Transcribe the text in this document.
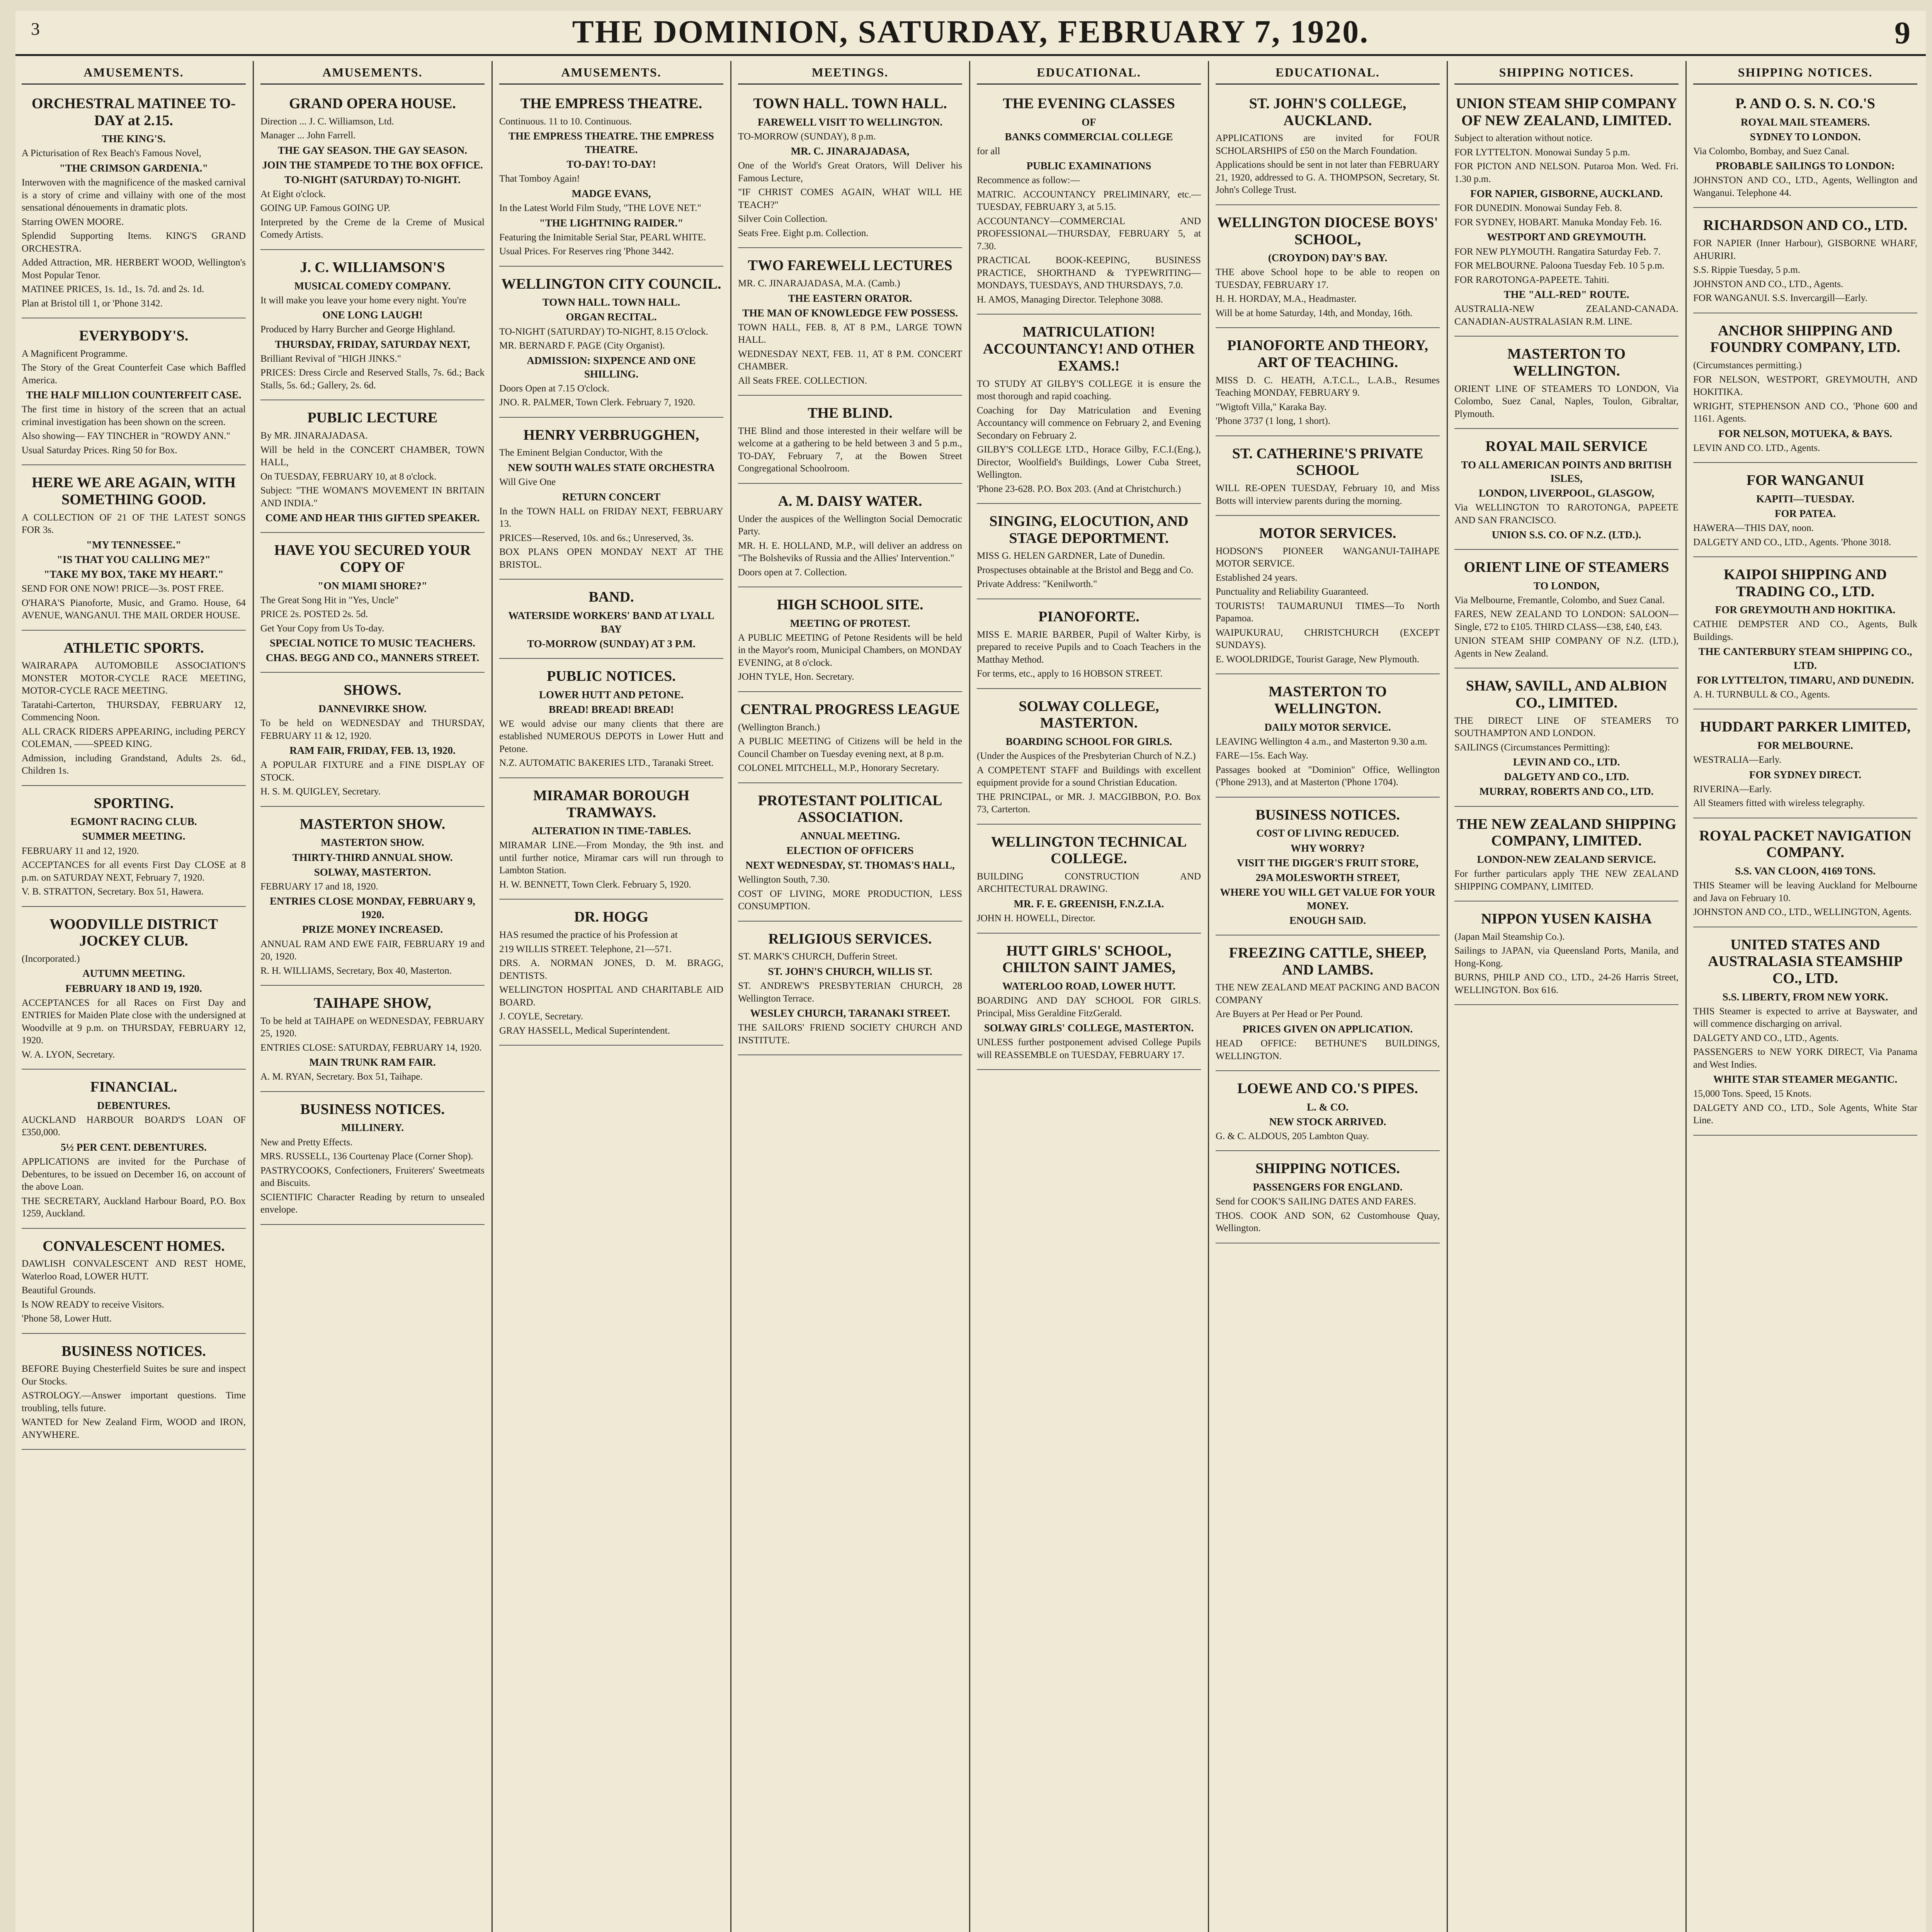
3	THE DOMINION, SATURDAY, FEBRUARY 7, 1920.	9
AMUSEMENTS.
ORCHESTRAL MATINEE TO-DAY at 2.15.
THE KING'S.
A Picturisation of Rex Beach's Famous Novel,
"THE CRIMSON GARDENIA."
Interwoven with the magnificence of the masked carnival is a story of crime and villainy with one of the most sensational dénouements in dramatic plots.
Starring OWEN MOORE.
Splendid Supporting Items. KING'S GRAND ORCHESTRA.
Added Attraction, MR. HERBERT WOOD, Wellington's Most Popular Tenor.
MATINEE PRICES, 1s. 1d., 1s. 7d. and 2s. 1d.
Plan at Bristol till 1, or 'Phone 3142.
EVERYBODY'S.
A Magnificent Programme.
The Story of the Great Counterfeit Case which Baffled America.
THE HALF MILLION COUNTERFEIT CASE.
The first time in history of the screen that an actual criminal investigation has been shown on the screen.
Also showing— FAY TINCHER in "ROWDY ANN."
Usual Saturday Prices. Ring 50 for Box.
HERE WE ARE AGAIN, WITH SOMETHING GOOD.
A COLLECTION OF 21 OF THE LATEST SONGS FOR 3s.
"MY TENNESSEE."
"IS THAT YOU CALLING ME?"
"TAKE MY BOX, TAKE MY HEART."
SEND FOR ONE NOW! PRICE—3s. POST FREE.
O'HARA'S Pianoforte, Music, and Gramo. House, 64 AVENUE, WANGANUI. THE MAIL ORDER HOUSE.
ATHLETIC SPORTS.
WAIRARAPA AUTOMOBILE ASSOCIATION'S MONSTER MOTOR-CYCLE RACE MEETING, MOTOR-CYCLE RACE MEETING.
Taratahi-Carterton, THURSDAY, FEBRUARY 12, Commencing Noon.
ALL CRACK RIDERS APPEARING, including PERCY COLEMAN, ——SPEED KING.
Admission, including Grandstand, Adults 2s. 6d., Children 1s.
SPORTING.
EGMONT RACING CLUB.
SUMMER MEETING.
FEBRUARY 11 and 12, 1920.
ACCEPTANCES for all events First Day CLOSE at 8 p.m. on SATURDAY NEXT, February 7, 1920.
V. B. STRATTON, Secretary. Box 51, Hawera.
WOODVILLE DISTRICT JOCKEY CLUB.
(Incorporated.)
AUTUMN MEETING.
FEBRUARY 18 AND 19, 1920.
ACCEPTANCES for all Races on First Day and ENTRIES for Maiden Plate close with the undersigned at Woodville at 9 p.m. on THURSDAY, FEBRUARY 12, 1920.
W. A. LYON, Secretary.
FINANCIAL.
DEBENTURES.
AUCKLAND HARBOUR BOARD'S LOAN OF £350,000.
5½ PER CENT. DEBENTURES.
APPLICATIONS are invited for the Purchase of Debentures, to be issued on December 16, on account of the above Loan.
THE SECRETARY, Auckland Harbour Board, P.O. Box 1259, Auckland.
CONVALESCENT HOMES.
DAWLISH CONVALESCENT AND REST HOME, Waterloo Road, LOWER HUTT.
Beautiful Grounds.
Is NOW READY to receive Visitors.
'Phone 58, Lower Hutt.
BUSINESS NOTICES.
BEFORE Buying Chesterfield Suites be sure and inspect Our Stocks.
ASTROLOGY.—Answer important questions. Time troubling, tells future.
WANTED for New Zealand Firm, WOOD and IRON, ANYWHERE.
AMUSEMENTS.
GRAND OPERA HOUSE.
Direction ... J. C. Williamson, Ltd.
Manager ... John Farrell.
THE GAY SEASON. THE GAY SEASON.
JOIN THE STAMPEDE TO THE BOX OFFICE.
TO-NIGHT (SATURDAY) TO-NIGHT.
At Eight o'clock.
GOING UP. Famous GOING UP.
Interpreted by the Creme de la Creme of Musical Comedy Artists.
J. C. WILLIAMSON'S
MUSICAL COMEDY COMPANY.
It will make you leave your home every night. You're
ONE LONG LAUGH!
Produced by Harry Burcher and George Highland.
THURSDAY, FRIDAY, SATURDAY NEXT,
Brilliant Revival of "HIGH JINKS."
PRICES: Dress Circle and Reserved Stalls, 7s. 6d.; Back Stalls, 5s. 6d.; Gallery, 2s. 6d.
PUBLIC LECTURE
By MR. JINARAJADASA.
Will be held in the CONCERT CHAMBER, TOWN HALL,
On TUESDAY, FEBRUARY 10, at 8 o'clock.
Subject: "THE WOMAN'S MOVEMENT IN BRITAIN AND INDIA."
COME AND HEAR THIS GIFTED SPEAKER.
HAVE YOU SECURED YOUR COPY OF
"ON MIAMI SHORE?"
The Great Song Hit in "Yes, Uncle"
PRICE 2s. POSTED 2s. 5d.
Get Your Copy from Us To-day.
SPECIAL NOTICE TO MUSIC TEACHERS.
CHAS. BEGG AND CO., MANNERS STREET.
SHOWS.
DANNEVIRKE SHOW.
To be held on WEDNESDAY and THURSDAY, FEBRUARY 11 & 12, 1920.
RAM FAIR, FRIDAY, FEB. 13, 1920.
A POPULAR FIXTURE and a FINE DISPLAY OF STOCK.
H. S. M. QUIGLEY, Secretary.
MASTERTON SHOW.
MASTERTON SHOW.
THIRTY-THIRD ANNUAL SHOW.
SOLWAY, MASTERTON.
FEBRUARY 17 and 18, 1920.
ENTRIES CLOSE MONDAY, FEBRUARY 9, 1920.
PRIZE MONEY INCREASED.
ANNUAL RAM AND EWE FAIR, FEBRUARY 19 and 20, 1920.
R. H. WILLIAMS, Secretary, Box 40, Masterton.
TAIHAPE SHOW,
To be held at TAIHAPE on WEDNESDAY, FEBRUARY 25, 1920.
ENTRIES CLOSE: SATURDAY, FEBRUARY 14, 1920.
MAIN TRUNK RAM FAIR.
A. M. RYAN, Secretary. Box 51, Taihape.
BUSINESS NOTICES.
MILLINERY.
New and Pretty Effects.
MRS. RUSSELL, 136 Courtenay Place (Corner Shop).
PASTRYCOOKS, Confectioners, Fruiterers' Sweetmeats and Biscuits.
SCIENTIFIC Character Reading by return to unsealed envelope.
AMUSEMENTS.
THE EMPRESS THEATRE.
Continuous. 11 to 10. Continuous.
THE EMPRESS THEATRE. THE EMPRESS THEATRE.
TO-DAY! TO-DAY!
That Tomboy Again!
MADGE EVANS,
In the Latest World Film Study, "THE LOVE NET."
"THE LIGHTNING RAIDER."
Featuring the Inimitable Serial Star, PEARL WHITE.
Usual Prices. For Reserves ring 'Phone 3442.
WELLINGTON CITY COUNCIL.
TOWN HALL. TOWN HALL.
ORGAN RECITAL.
TO-NIGHT (SATURDAY) TO-NIGHT, 8.15 O'clock.
MR. BERNARD F. PAGE (City Organist).
ADMISSION: SIXPENCE AND ONE SHILLING.
Doors Open at 7.15 O'clock.
JNO. R. PALMER, Town Clerk. February 7, 1920.
HENRY VERBRUGGHEN,
The Eminent Belgian Conductor, With the
NEW SOUTH WALES STATE ORCHESTRA
Will Give One
RETURN CONCERT
In the TOWN HALL on FRIDAY NEXT, FEBRUARY 13.
PRICES—Reserved, 10s. and 6s.; Unreserved, 3s.
BOX PLANS OPEN MONDAY NEXT AT THE BRISTOL.
BAND.
WATERSIDE WORKERS' BAND AT LYALL BAY
TO-MORROW (SUNDAY) AT 3 P.M.
PUBLIC NOTICES.
LOWER HUTT AND PETONE.
BREAD! BREAD! BREAD!
WE would advise our many clients that there are established NUMEROUS DEPOTS in Lower Hutt and Petone.
N.Z. AUTOMATIC BAKERIES LTD., Taranaki Street.
MIRAMAR BOROUGH TRAMWAYS.
ALTERATION IN TIME-TABLES.
MIRAMAR LINE.—From Monday, the 9th inst. and until further notice, Miramar cars will run through to Lambton Station.
H. W. BENNETT, Town Clerk. February 5, 1920.
DR. HOGG
HAS resumed the practice of his Profession at
219 WILLIS STREET. Telephone, 21—571.
DRS. A. NORMAN JONES, D. M. BRAGG, DENTISTS.
WELLINGTON HOSPITAL AND CHARITABLE AID BOARD.
J. COYLE, Secretary.
GRAY HASSELL, Medical Superintendent.
MEETINGS.
TOWN HALL. TOWN HALL.
FAREWELL VISIT TO WELLINGTON.
TO-MORROW (SUNDAY), 8 p.m.
MR. C. JINARAJADASA,
One of the World's Great Orators, Will Deliver his Famous Lecture,
"IF CHRIST COMES AGAIN, WHAT WILL HE TEACH?"
Silver Coin Collection.
Seats Free. Eight p.m. Collection.
TWO FAREWELL LECTURES
MR. C. JINARAJADASA, M.A. (Camb.)
THE EASTERN ORATOR.
THE MAN OF KNOWLEDGE FEW POSSESS.
TOWN HALL, FEB. 8, AT 8 P.M., LARGE TOWN HALL.
WEDNESDAY NEXT, FEB. 11, AT 8 P.M. CONCERT CHAMBER.
All Seats FREE. COLLECTION.
THE BLIND.
THE Blind and those interested in their welfare will be welcome at a gathering to be held between 3 and 5 p.m., TO-DAY, February 7, at the Bowen Street Congregational Schoolroom.
A. M. DAISY WATER.
Under the auspices of the Wellington Social Democratic Party.
MR. H. E. HOLLAND, M.P., will deliver an address on "The Bolsheviks of Russia and the Allies' Intervention."
Doors open at 7. Collection.
HIGH SCHOOL SITE.
MEETING OF PROTEST.
A PUBLIC MEETING of Petone Residents will be held in the Mayor's room, Municipal Chambers, on MONDAY EVENING, at 8 o'clock.
JOHN TYLE, Hon. Secretary.
CENTRAL PROGRESS LEAGUE
(Wellington Branch.)
A PUBLIC MEETING of Citizens will be held in the Council Chamber on Tuesday evening next, at 8 p.m.
COLONEL MITCHELL, M.P., Honorary Secretary.
PROTESTANT POLITICAL ASSOCIATION.
ANNUAL MEETING.
ELECTION OF OFFICERS
NEXT WEDNESDAY, ST. THOMAS'S HALL,
Wellington South, 7.30.
COST OF LIVING, MORE PRODUCTION, LESS CONSUMPTION.
RELIGIOUS SERVICES.
ST. MARK'S CHURCH, Dufferin Street.
ST. JOHN'S CHURCH, WILLIS ST.
ST. ANDREW'S PRESBYTERIAN CHURCH, 28 Wellington Terrace.
WESLEY CHURCH, TARANAKI STREET.
THE SAILORS' FRIEND SOCIETY CHURCH AND INSTITUTE.
EDUCATIONAL.
THE EVENING CLASSES
OF
BANKS COMMERCIAL COLLEGE
for all
PUBLIC EXAMINATIONS
Recommence as follow:—
MATRIC. ACCOUNTANCY PRELIMINARY, etc.—TUESDAY, FEBRUARY 3, at 5.15.
ACCOUNTANCY—COMMERCIAL AND PROFESSIONAL—THURSDAY, FEBRUARY 5, at 7.30.
PRACTICAL BOOK-KEEPING, BUSINESS PRACTICE, SHORTHAND & TYPEWRITING—MONDAYS, TUESDAYS, AND THURSDAYS, 7.0.
H. AMOS, Managing Director. Telephone 3088.
MATRICULATION! ACCOUNTANCY! AND OTHER EXAMS.!
TO STUDY AT GILBY'S COLLEGE it is ensure the most thorough and rapid coaching.
Coaching for Day Matriculation and Evening Accountancy will commence on February 2, and Evening Secondary on February 2.
GILBY'S COLLEGE LTD., Horace Gilby, F.C.I.(Eng.), Director, Woolfield's Buildings, Lower Cuba Street, Wellington.
'Phone 23-628. P.O. Box 203. (And at Christchurch.)
SINGING, ELOCUTION, AND STAGE DEPORTMENT.
MISS G. HELEN GARDNER, Late of Dunedin.
Prospectuses obtainable at the Bristol and Begg and Co.
Private Address: "Kenilworth."
PIANOFORTE.
MISS E. MARIE BARBER, Pupil of Walter Kirby, is prepared to receive Pupils and to Coach Teachers in the Matthay Method.
For terms, etc., apply to 16 HOBSON STREET.
SOLWAY COLLEGE, MASTERTON.
BOARDING SCHOOL FOR GIRLS.
(Under the Auspices of the Presbyterian Church of N.Z.)
A COMPETENT STAFF and Buildings with excellent equipment provide for a sound Christian Education.
THE PRINCIPAL, or MR. J. MACGIBBON, P.O. Box 73, Carterton.
WELLINGTON TECHNICAL COLLEGE.
BUILDING CONSTRUCTION AND ARCHITECTURAL DRAWING.
MR. F. E. GREENISH, F.N.Z.I.A.
JOHN H. HOWELL, Director.
HUTT GIRLS' SCHOOL, CHILTON SAINT JAMES,
WATERLOO ROAD, LOWER HUTT.
BOARDING AND DAY SCHOOL FOR GIRLS. Principal, Miss Geraldine FitzGerald.
SOLWAY GIRLS' COLLEGE, MASTERTON.
UNLESS further postponement advised College Pupils will REASSEMBLE on TUESDAY, FEBRUARY 17.
EDUCATIONAL.
ST. JOHN'S COLLEGE, AUCKLAND.
APPLICATIONS are invited for FOUR SCHOLARSHIPS of £50 on the March Foundation.
Applications should be sent in not later than FEBRUARY 21, 1920, addressed to G. A. THOMPSON, Secretary, St. John's College Trust.
WELLINGTON DIOCESE BOYS' SCHOOL,
(CROYDON) DAY'S BAY.
THE above School hope to be able to reopen on TUESDAY, FEBRUARY 17.
H. H. HORDAY, M.A., Headmaster.
Will be at home Saturday, 14th, and Monday, 16th.
PIANOFORTE AND THEORY, ART OF TEACHING.
MISS D. C. HEATH, A.T.C.L., L.A.B., Resumes Teaching MONDAY, FEBRUARY 9.
"Wigtoft Villa," Karaka Bay.
'Phone 3737 (1 long, 1 short).
ST. CATHERINE'S PRIVATE SCHOOL
WILL RE-OPEN TUESDAY, February 10, and Miss Botts will interview parents during the morning.
MOTOR SERVICES.
HODSON'S PIONEER WANGANUI-TAIHAPE MOTOR SERVICE.
Established 24 years.
Punctuality and Reliability Guaranteed.
TOURISTS! TAUMARUNUI TIMES—To North Papamoa.
WAIPUKURAU, CHRISTCHURCH (EXCEPT SUNDAYS).
E. WOOLDRIDGE, Tourist Garage, New Plymouth.
MASTERTON TO WELLINGTON.
DAILY MOTOR SERVICE.
LEAVING Wellington 4 a.m., and Masterton 9.30 a.m.
FARE—15s. Each Way.
Passages booked at "Dominion" Office, Wellington ('Phone 2913), and at Masterton ('Phone 1704).
BUSINESS NOTICES.
COST OF LIVING REDUCED.
WHY WORRY?
VISIT THE DIGGER'S FRUIT STORE,
29A MOLESWORTH STREET,
WHERE YOU WILL GET VALUE FOR YOUR MONEY.
ENOUGH SAID.
FREEZING CATTLE, SHEEP, AND LAMBS.
THE NEW ZEALAND MEAT PACKING AND BACON COMPANY
Are Buyers at Per Head or Per Pound.
PRICES GIVEN ON APPLICATION.
HEAD OFFICE: BETHUNE'S BUILDINGS, WELLINGTON.
LOEWE AND CO.'S PIPES.
L. & CO.
NEW STOCK ARRIVED.
G. & C. ALDOUS, 205 Lambton Quay.
SHIPPING NOTICES.
PASSENGERS FOR ENGLAND.
Send for COOK'S SAILING DATES AND FARES.
THOS. COOK AND SON, 62 Customhouse Quay, Wellington.
SHIPPING NOTICES.
UNION STEAM SHIP COMPANY OF NEW ZEALAND, LIMITED.
Subject to alteration without notice.
FOR LYTTELTON. Monowai Sunday 5 p.m.
FOR PICTON AND NELSON. Putaroa Mon. Wed. Fri. 1.30 p.m.
FOR NAPIER, GISBORNE, AUCKLAND.
FOR DUNEDIN. Monowai Sunday Feb. 8.
FOR SYDNEY, HOBART. Manuka Monday Feb. 16.
WESTPORT AND GREYMOUTH.
FOR NEW PLYMOUTH. Rangatira Saturday Feb. 7.
FOR MELBOURNE. Paloona Tuesday Feb. 10 5 p.m.
FOR RAROTONGA-PAPEETE. Tahiti.
THE "ALL-RED" ROUTE.
AUSTRALIA-NEW ZEALAND-CANADA. CANADIAN-AUSTRALASIAN R.M. LINE.
MASTERTON TO WELLINGTON.
ORIENT LINE OF STEAMERS TO LONDON, Via Colombo, Suez Canal, Naples, Toulon, Gibraltar, Plymouth.
ROYAL MAIL SERVICE
TO ALL AMERICAN POINTS AND BRITISH ISLES,
LONDON, LIVERPOOL, GLASGOW,
Via WELLINGTON TO RAROTONGA, PAPEETE AND SAN FRANCISCO.
UNION S.S. CO. OF N.Z. (LTD.).
ORIENT LINE OF STEAMERS
TO LONDON,
Via Melbourne, Fremantle, Colombo, and Suez Canal.
FARES, NEW ZEALAND TO LONDON: SALOON—Single, £72 to £105. THIRD CLASS—£38, £40, £43.
UNION STEAM SHIP COMPANY OF N.Z. (LTD.), Agents in New Zealand.
SHAW, SAVILL, AND ALBION CO., LIMITED.
THE DIRECT LINE OF STEAMERS TO SOUTHAMPTON AND LONDON.
SAILINGS (Circumstances Permitting):
LEVIN AND CO., LTD.
DALGETY AND CO., LTD.
MURRAY, ROBERTS AND CO., LTD.
THE NEW ZEALAND SHIPPING COMPANY, LIMITED.
LONDON-NEW ZEALAND SERVICE.
For further particulars apply THE NEW ZEALAND SHIPPING COMPANY, LIMITED.
NIPPON YUSEN KAISHA
(Japan Mail Steamship Co.).
Sailings to JAPAN, via Queensland Ports, Manila, and Hong-Kong.
BURNS, PHILP AND CO., LTD., 24-26 Harris Street, WELLINGTON. Box 616.
SHIPPING NOTICES.
P. AND O. S. N. CO.'S
ROYAL MAIL STEAMERS.
SYDNEY TO LONDON.
Via Colombo, Bombay, and Suez Canal.
PROBABLE SAILINGS TO LONDON:
JOHNSTON AND CO., LTD., Agents, Wellington and Wanganui. Telephone 44.
RICHARDSON AND CO., LTD.
FOR NAPIER (Inner Harbour), GISBORNE WHARF, AHURIRI.
S.S. Rippie Tuesday, 5 p.m.
JOHNSTON AND CO., LTD., Agents.
FOR WANGANUI. S.S. Invercargill—Early.
ANCHOR SHIPPING AND FOUNDRY COMPANY, LTD.
(Circumstances permitting.)
FOR NELSON, WESTPORT, GREYMOUTH, AND HOKITIKA.
WRIGHT, STEPHENSON AND CO., 'Phone 600 and 1161. Agents.
FOR NELSON, MOTUEKA, & BAYS.
LEVIN AND CO. LTD., Agents.
FOR WANGANUI
KAPITI—TUESDAY.
FOR PATEA.
HAWERA—THIS DAY, noon.
DALGETY AND CO., LTD., Agents. 'Phone 3018.
KAIPOI SHIPPING AND TRADING CO., LTD.
FOR GREYMOUTH AND HOKITIKA.
CATHIE DEMPSTER AND CO., Agents, Bulk Buildings.
THE CANTERBURY STEAM SHIPPING CO., LTD.
FOR LYTTELTON, TIMARU, AND DUNEDIN.
A. H. TURNBULL & CO., Agents.
HUDDART PARKER LIMITED,
FOR MELBOURNE.
WESTRALIA—Early.
FOR SYDNEY DIRECT.
RIVERINA—Early.
All Steamers fitted with wireless telegraphy.
ROYAL PACKET NAVIGATION COMPANY.
S.S. VAN CLOON, 4169 TONS.
THIS Steamer will be leaving Auckland for Melbourne and Java on February 10.
JOHNSTON AND CO., LTD., WELLINGTON, Agents.
UNITED STATES AND AUSTRALASIA STEAMSHIP CO., LTD.
S.S. LIBERTY, FROM NEW YORK.
THIS Steamer is expected to arrive at Bayswater, and will commence discharging on arrival.
DALGETY AND CO., LTD., Agents.
PASSENGERS to NEW YORK DIRECT, Via Panama and West Indies.
WHITE STAR STEAMER MEGANTIC.
15,000 Tons. Speed, 15 Knots.
DALGETY AND CO., LTD., Sole Agents, White Star Line.
